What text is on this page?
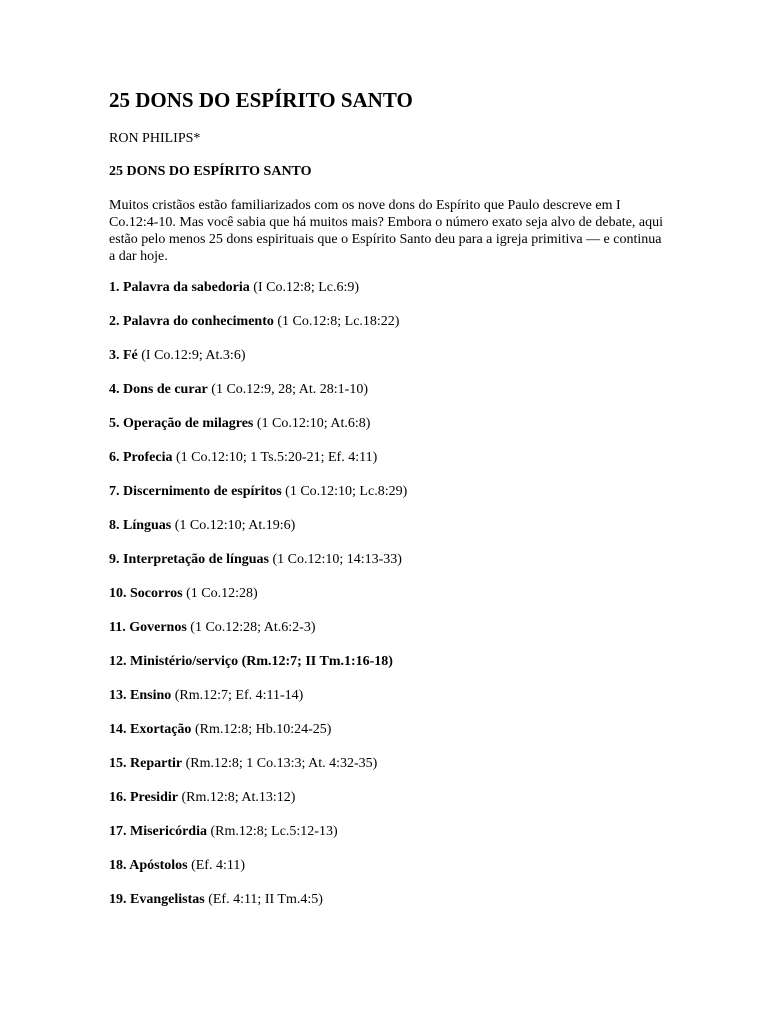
25 DONS DO ESPÍRITO SANTO
RON PHILIPS*
25 DONS DO ESPÍRITO SANTO
Muitos cristãos estão familiarizados com os nove dons do Espírito que Paulo descreve em I Co.12:4-10. Mas você sabia que há muitos mais? Embora o número exato seja alvo de debate, aqui estão pelo menos 25 dons espirituais que o Espírito Santo deu para a igreja primitiva — e continua a dar hoje.
1. Palavra da sabedoria (I Co.12:8; Lc.6:9)
2. Palavra do conhecimento (1 Co.12:8; Lc.18:22)
3. Fé (I Co.12:9; At.3:6)
4. Dons de curar (1 Co.12:9, 28; At. 28:1-10)
5. Operação de milagres (1 Co.12:10; At.6:8)
6. Profecia (1 Co.12:10; 1 Ts.5:20-21; Ef. 4:11)
7. Discernimento de espíritos (1 Co.12:10; Lc.8:29)
8. Línguas (1 Co.12:10; At.19:6)
9. Interpretação de línguas (1 Co.12:10; 14:13-33)
10. Socorros (1 Co.12:28)
11. Governos (1 Co.12:28; At.6:2-3)
12. Ministério/serviço (Rm.12:7; II Tm.1:16-18)
13. Ensino (Rm.12:7; Ef. 4:11-14)
14. Exortação (Rm.12:8; Hb.10:24-25)
15. Repartir (Rm.12:8; 1 Co.13:3; At. 4:32-35)
16. Presidir (Rm.12:8; At.13:12)
17. Misericórdia (Rm.12:8; Lc.5:12-13)
18. Apóstolos (Ef. 4:11)
19. Evangelistas (Ef. 4:11; II Tm.4:5)
